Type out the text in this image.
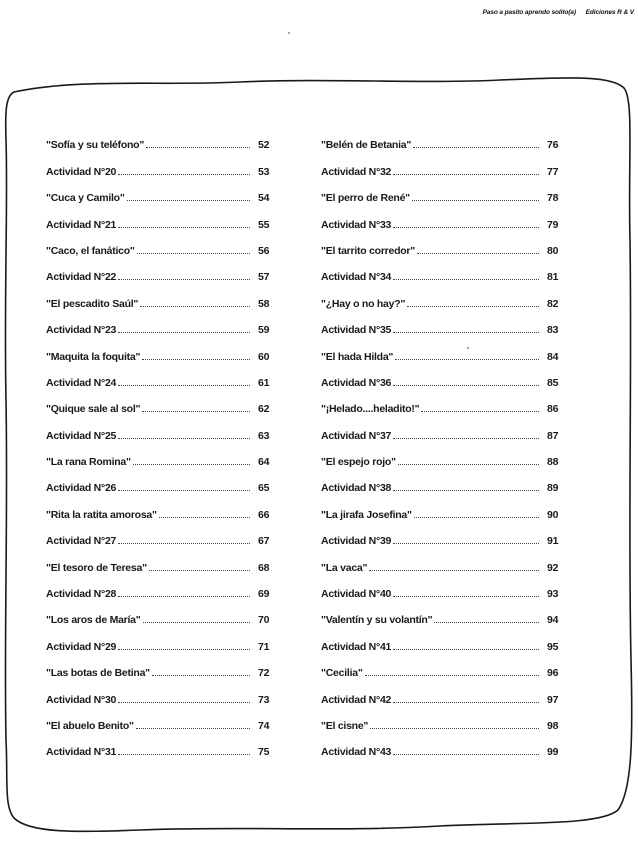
Paso a pasito aprendo solito(a) Ediciones R & V
"Sofía y su teléfono"	52
Actividad N°20	53
"Cuca y Camilo"	54
Actividad N°21	55
"Caco, el fanático"	56
Actividad N°22	57
"El pescadito Saúl"	58
Actividad N°23	59
"Maquita la foquita"	60
Actividad N°24	61
"Quique sale al sol"	62
Actividad N°25	63
"La rana Romina"	64
Actividad N°26	65
"Rita la ratita amorosa"	66
Actividad N°27	67
"El tesoro de Teresa"	68
Actividad N°28	69
"Los aros de María"	70
Actividad N°29	71
"Las botas de Betina"	72
Actividad N°30	73
"El abuelo Benito"	74
Actividad N°31	75
"Belén de Betania"	76
Actividad N°32	77
"El perro de René"	78
Actividad N°33	79
"El tarrito corredor"	80
Actividad N°34	81
"¿Hay o no hay?"	82
Actividad N°35	83
"El hada Hilda"	84
Actividad N°36	85
"¡Helado....heladito!"	86
Actividad N°37	87
"El espejo rojo"	88
Actividad N°38	89
"La jirafa Josefina"	90
Actividad N°39	91
"La vaca"	92
Actividad N°40	93
"Valentín y su volantín"	94
Actividad N°41	95
"Cecilia"	96
Actividad N°42	97
"El cisne"	98
Actividad N°43	99
